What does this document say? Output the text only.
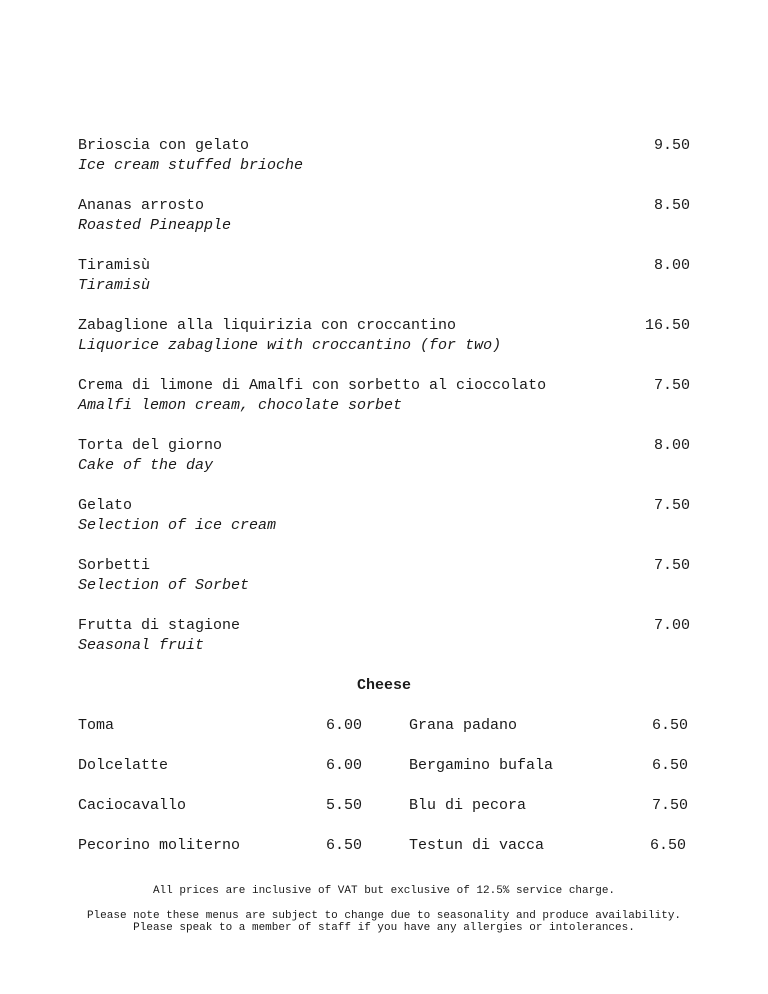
Brioscia con gelato
Ice cream stuffed brioche
9.50
Ananas arrosto
Roasted Pineapple
8.50
Tiramisù
Tiramisù
8.00
Zabaglione alla liquirizia con croccantino
Liquorice zabaglione with croccantino (for two)
16.50
Crema di limone di Amalfi con sorbetto al cioccolato
Amalfi lemon cream, chocolate sorbet
7.50
Torta del giorno
Cake of the day
8.00
Gelato
Selection of ice cream
7.50
Sorbetti
Selection of Sorbet
7.50
Frutta di stagione
Seasonal fruit
7.00
Cheese
Toma	6.00	Grana padano	6.50
Dolcelatte	6.00	Bergamino bufala	6.50
Caciocavallo	5.50	Blu di pecora	7.50
Pecorino moliterno	6.50	Testun di vacca	6.50
All prices are inclusive of VAT but exclusive of 12.5% service charge.
Please note these menus are subject to change due to seasonality and produce availability.
Please speak to a member of staff if you have any allergies or intolerances.
